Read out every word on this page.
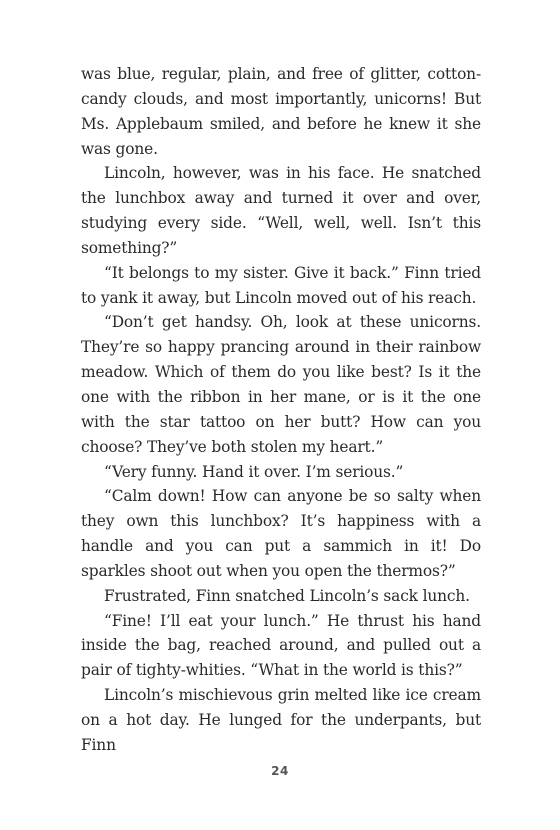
was blue, regular, plain, and free of glitter, cotton-candy clouds, and most importantly, unicorns! But Ms. Applebaum smiled, and before he knew it she was gone.

Lincoln, however, was in his face. He snatched the lunchbox away and turned it over and over, studying every side. “Well, well, well. Isn’t this something?”

“It belongs to my sister. Give it back.” Finn tried to yank it away, but Lincoln moved out of his reach.

“Don’t get handsy. Oh, look at these unicorns. They’re so happy prancing around in their rainbow meadow. Which of them do you like best? Is it the one with the ribbon in her mane, or is it the one with the star tattoo on her butt? How can you choose? They’ve both stolen my heart.”

“Very funny. Hand it over. I’m serious.”

“Calm down! How can anyone be so salty when they own this lunchbox? It’s happiness with a handle and you can put a sammich in it! Do sparkles shoot out when you open the thermos?”

Frustrated, Finn snatched Lincoln’s sack lunch.

“Fine! I’ll eat your lunch.” He thrust his hand inside the bag, reached around, and pulled out a pair of tighty-whities. “What in the world is this?”

Lincoln’s mischievous grin melted like ice cream on a hot day. He lunged for the underpants, but Finn

24
